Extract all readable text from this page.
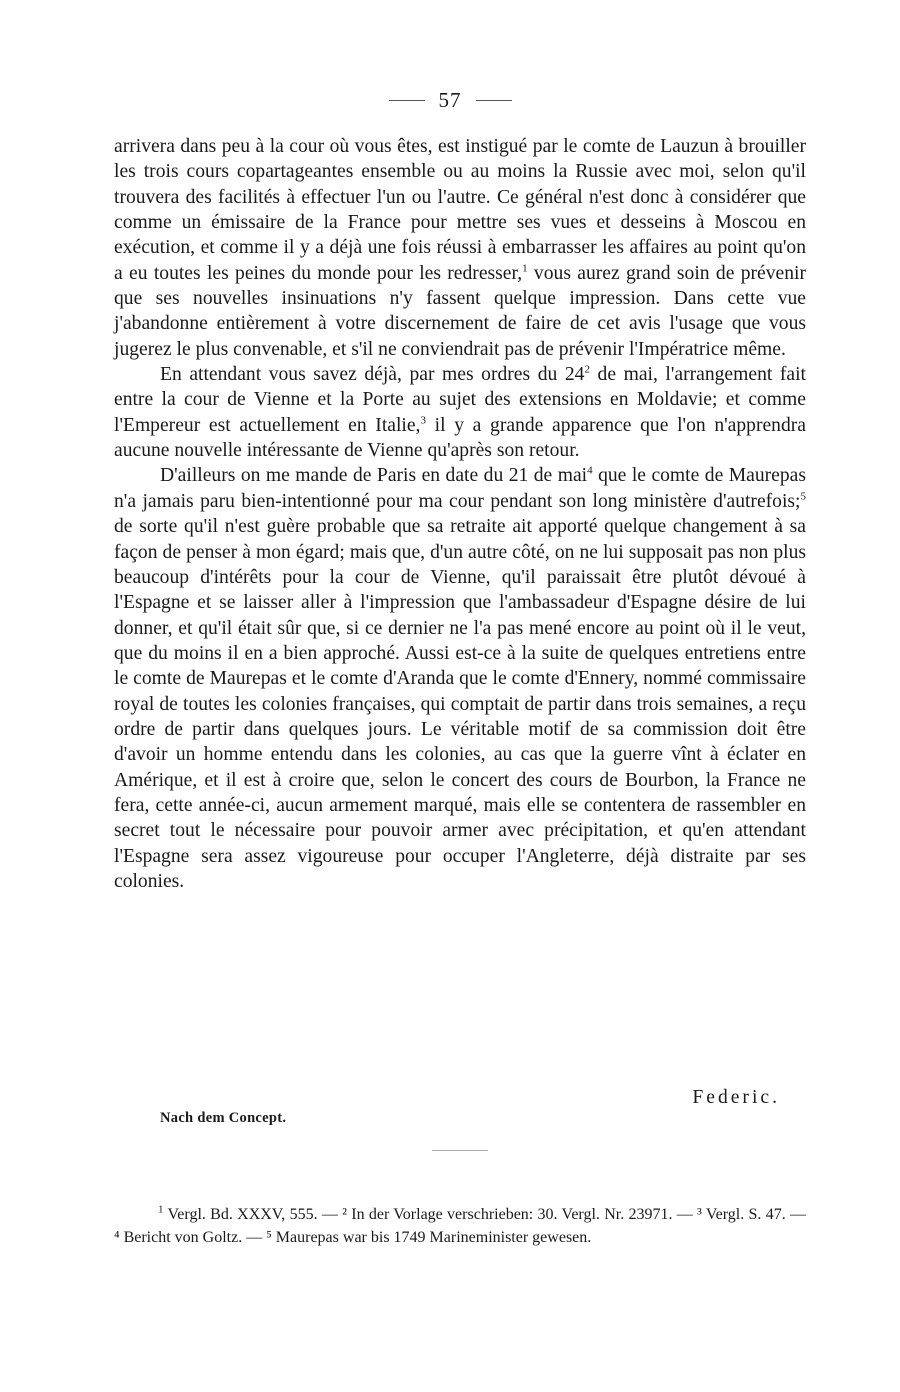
57

arrivera dans peu à la cour où vous êtes, est instigué par le comte de Lauzun à brouiller les trois cours copartageantes ensemble ou au moins la Russie avec moi, selon qu'il trouvera des facilités à effectuer l'un ou l'autre. Ce général n'est donc à considérer que comme un émissaire de la France pour mettre ses vues et desseins à Moscou en exécution, et comme il y a déjà une fois réussi à embarrasser les affaires au point qu'on a eu toutes les peines du monde pour les redresser,$^1$ vous aurez grand soin de prévenir que ses nouvelles insinuations n'y fassent quelque impression. Dans cette vue j'abandonne entièrement à votre discernement de faire de cet avis l'usage que vous jugerez le plus convenable, et s'il ne conviendrait pas de prévenir l'Impératrice même.

En attendant vous savez déjà, par mes ordres du $24^2$ de mai, l'arrangement fait entre la cour de Vienne et la Porte au sujet des extensions en Moldavie; et comme l'Empereur est actuellement en Italie,$^3$ il y a grande apparence que l'on n'apprendra aucune nouvelle intéressante de Vienne qu'après son retour.

D'ailleurs on me mande de Paris en date du 21 de mai$^4$ que le comte de Maurepas n'a jamais paru bien-intentionné pour ma cour pendant son long ministère d'autrefois;$^5$ de sorte qu'il n'est guère probable que sa retraite ait apporté quelque changement à sa façon de penser à mon égard; mais que, d'un autre côté, on ne lui supposait pas non plus beaucoup d'intérêts pour la cour de Vienne, qu'il paraissait être plutôt dévoué à l'Espagne et se laisser aller à l'impression que l'ambassadeur d'Espagne désire de lui donner, et qu'il était sûr que, si ce dernier ne l'a pas mené encore au point où il le veut, que du moins il en a bien approché. Aussi est-ce à la suite de quelques entretiens entre le comte de Maurepas et le comte d'Aranda que le comte d'Ennery, nommé commissaire royal de toutes les colonies françaises, qui comptait de partir dans trois semaines, a reçu ordre de partir dans quelques jours. Le véritable motif de sa commission doit être d'avoir un homme entendu dans les colonies, au cas que la guerre vînt à éclater en Amérique, et il est à croire que, selon le concert des cours de Bourbon, la France ne fera, cette année-ci, aucun armement marqué, mais elle se contentera de rassembler en secret tout le nécessaire pour pouvoir armer avec précipitation, et qu'en attendant l'Espagne sera assez vigoureuse pour occuper l'Angleterre, déjà distraite par ses colonies.

Federic.
Nach dem Concept.

$^1$ Vergl. Bd. XXXV, 555. — ² In der Vorlage verschrieben: 30. Vergl. Nr. 23971. — ³ Vergl. S. 47. — ⁴ Bericht von Goltz. — ⁵ Maurepas war bis 1749 Marineminister gewesen.
